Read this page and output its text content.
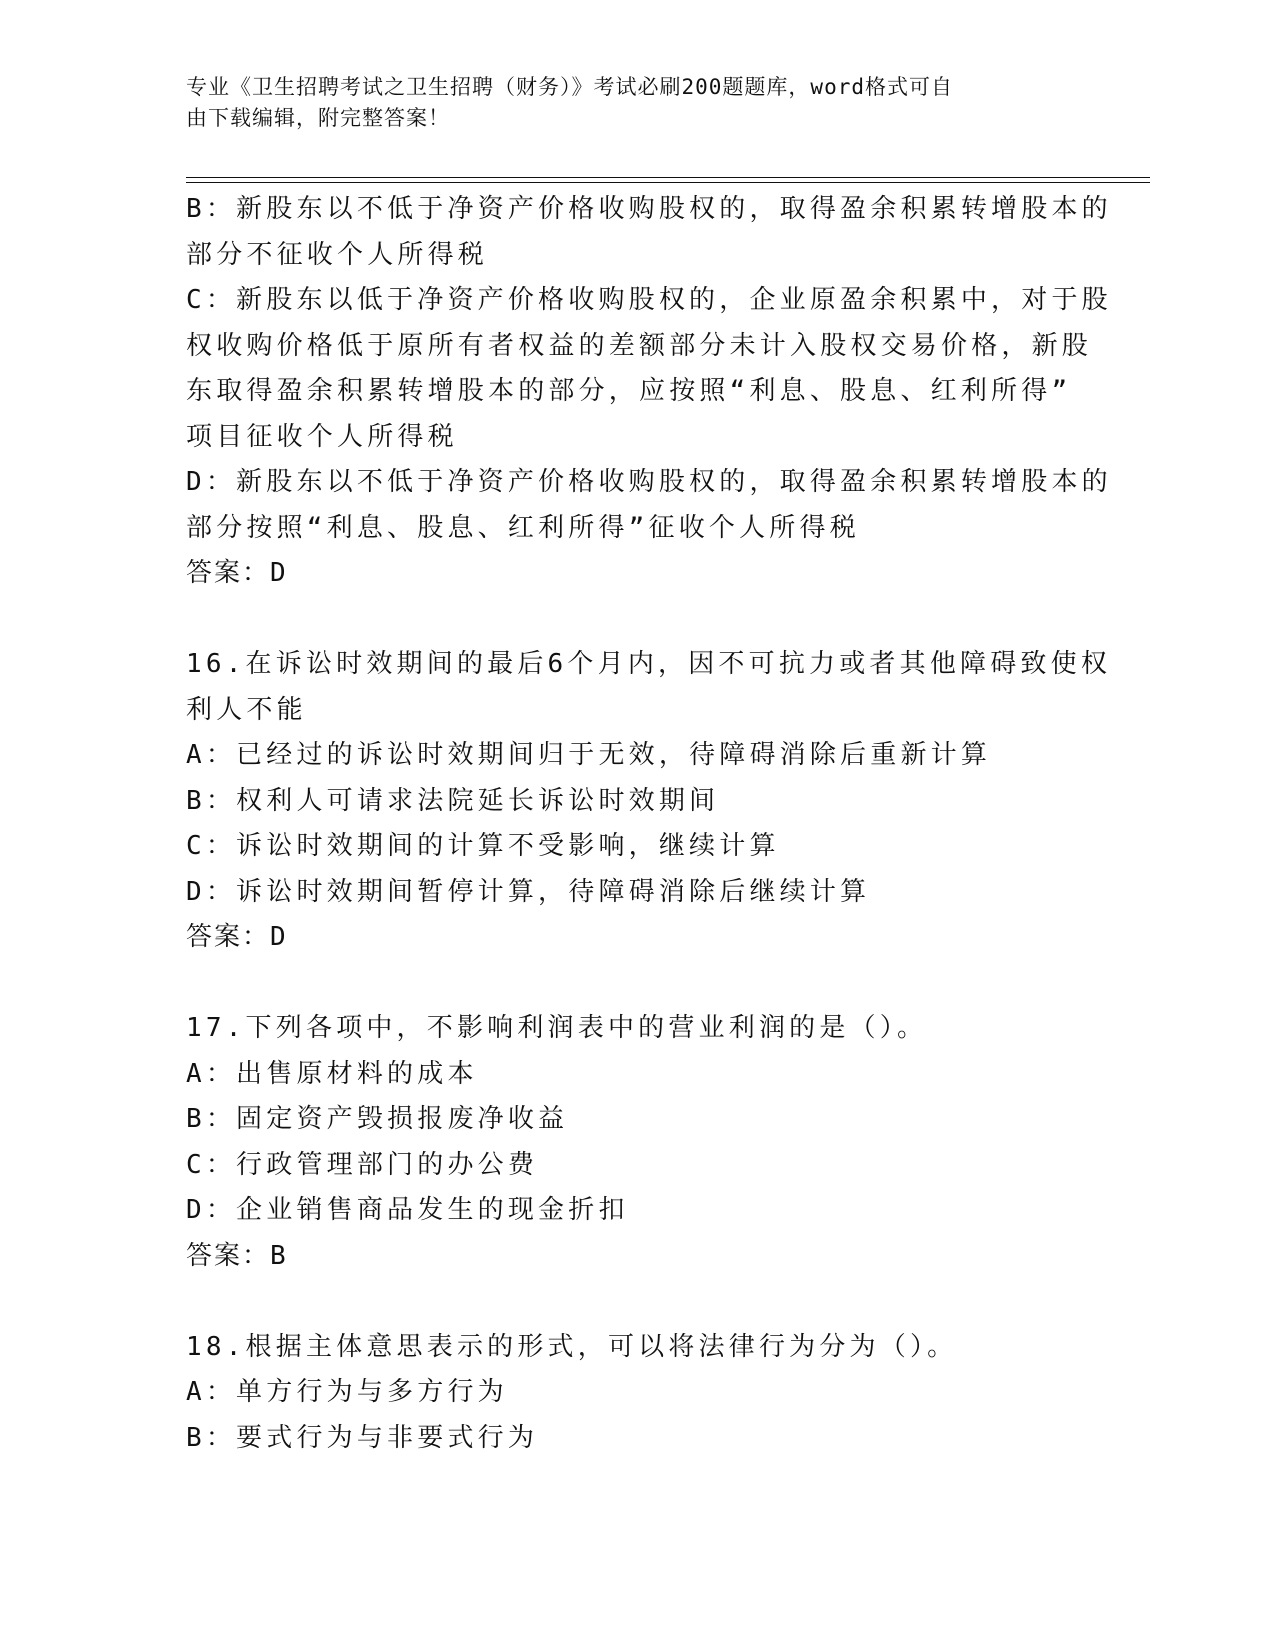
专业《卫生招聘考试之卫生招聘（财务）》考试必刷200题题库，word格式可自
由下载编辑，附完整答案！
B：新股东以不低于净资产价格收购股权的，取得盈余积累转增股本的
部分不征收个人所得税
C：新股东以低于净资产价格收购股权的，企业原盈余积累中，对于股
权收购价格低于原所有者权益的差额部分未计入股权交易价格，新股
东取得盈余积累转增股本的部分，应按照“利息、股息、红利所得”
项目征收个人所得税
D：新股东以不低于净资产价格收购股权的，取得盈余积累转增股本的
部分按照“利息、股息、红利所得”征收个人所得税
答案：D
16.在诉讼时效期间的最后6个月内，因不可抗力或者其他障碍致使权
利人不能
A：已经过的诉讼时效期间归于无效，待障碍消除后重新计算
B：权利人可请求法院延长诉讼时效期间
C：诉讼时效期间的计算不受影响，继续计算
D：诉讼时效期间暂停计算，待障碍消除后继续计算
答案：D
17.下列各项中，不影响利润表中的营业利润的是（）。
A：出售原材料的成本
B：固定资产毁损报废净收益
C：行政管理部门的办公费
D：企业销售商品发生的现金折扣
答案：B
18.根据主体意思表示的形式，可以将法律行为分为（）。
A：单方行为与多方行为
B：要式行为与非要式行为
